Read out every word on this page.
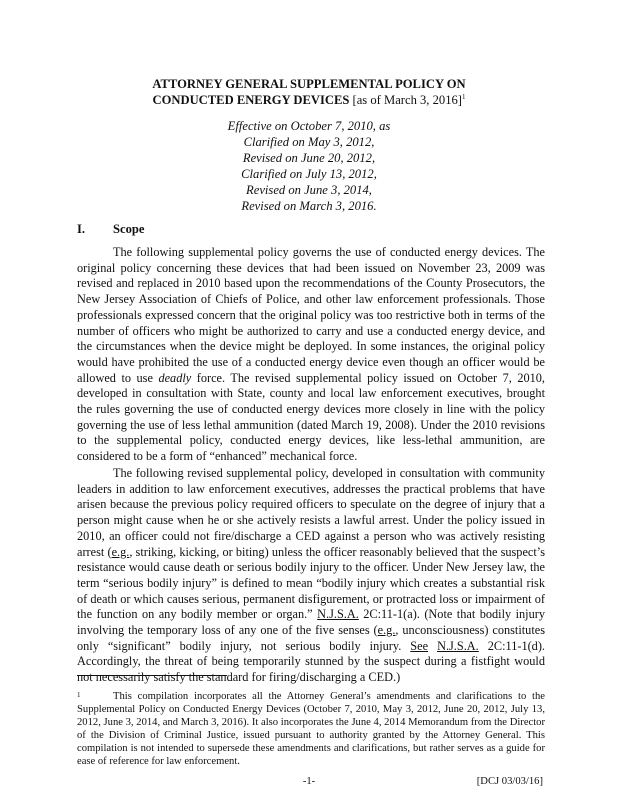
ATTORNEY GENERAL SUPPLEMENTAL POLICY ON
CONDUCTED ENERGY DEVICES [as of March 3, 2016]$^1$
Effective on October 7, 2010, as
Clarified on May 3, 2012,
Revised on June 20, 2012,
Clarified on July 13, 2012,
Revised on June 3, 2014,
Revised on March 3, 2016.
I. Scope

The following supplemental policy governs the use of conducted energy devices. The original policy concerning these devices that had been issued on November 23, 2009 was revised and replaced in 2010 based upon the recommendations of the County Prosecutors, the New Jersey Association of Chiefs of Police, and other law enforcement professionals. Those professionals expressed concern that the original policy was too restrictive both in terms of the number of officers who might be authorized to carry and use a conducted energy device, and the circumstances when the device might be deployed. In some instances, the original policy would have prohibited the use of a conducted energy device even though an officer would be allowed to use deadly force. The revised supplemental policy issued on October 7, 2010, developed in consultation with State, county and local law enforcement executives, brought the rules governing the use of conducted energy devices more closely in line with the policy governing the use of less lethal ammunition (dated March 19, 2008). Under the 2010 revisions to the supplemental policy, conducted energy devices, like less-lethal ammunition, are considered to be a form of “enhanced” mechanical force.

The following revised supplemental policy, developed in consultation with community leaders in addition to law enforcement executives, addresses the practical problems that have arisen because the previous policy required officers to speculate on the degree of injury that a person might cause when he or she actively resists a lawful arrest. Under the policy issued in 2010, an officer could not fire/discharge a CED against a person who was actively resisting arrest (e.g., striking, kicking, or biting) unless the officer reasonably believed that the suspect’s resistance would cause death or serious bodily injury to the officer. Under New Jersey law, the term “serious bodily injury” is defined to mean “bodily injury which creates a substantial risk of death or which causes serious, permanent disfigurement, or protracted loss or impairment of the function on any bodily member or organ.” N.J.S.A. 2C:11-1(a). (Note that bodily injury involving the temporary loss of any one of the five senses (e.g., unconsciousness) constitutes only “significant” bodily injury, not serious bodily injury. See N.J.S.A. 2C:11-1(d). Accordingly, the threat of being temporarily stunned by the suspect during a fistfight would not necessarily satisfy the standard for firing/discharging a CED.)

1	This compilation incorporates all the Attorney General’s amendments and clarifications to the Supplemental Policy on Conducted Energy Devices (October 7, 2010, May 3, 2012, June 20, 2012, July 13, 2012, June 3, 2014, and March 3, 2016). It also incorporates the June 4, 2014 Memorandum from the Director of the Division of Criminal Justice, issued pursuant to authority granted by the Attorney General. This compilation is not intended to supersede these amendments and clarifications, but rather serves as a guide for ease of reference for law enforcement.

-1-	[DCJ 03/03/16]
